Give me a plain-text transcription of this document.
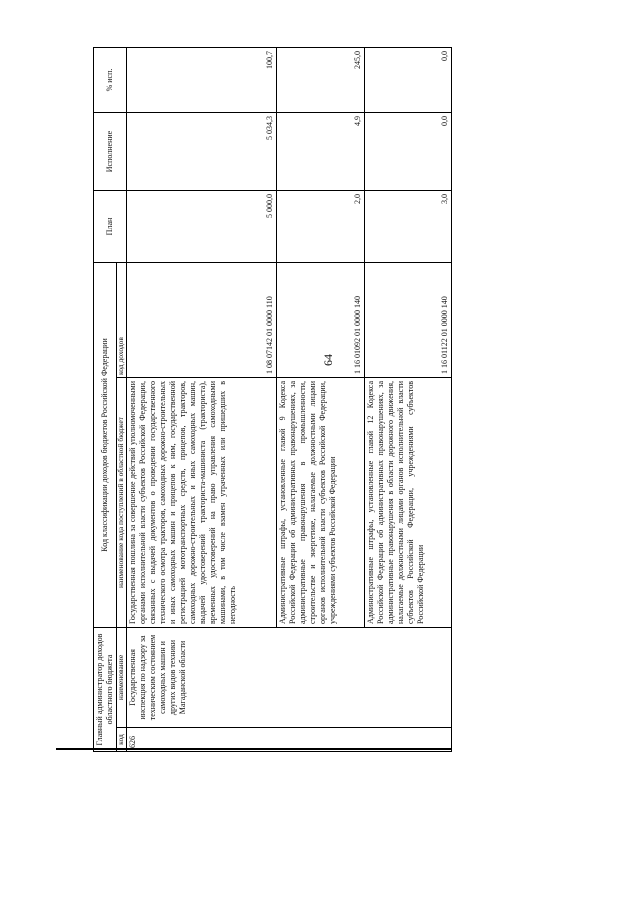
64
Главный администратор доходов областного бюджета		Код классификации доходов бюджетов Российской Федерации		План	Исполнение	% исп.
код	наименование	наименование кода поступлений в областной бюджет	код доходов			
626	Государственная инспекция по надзору за техническим состоянием самоходных машин и других видов техники Магаданской области	Государственная пошлина за совершение действий уполномоченными органами исполнительной власти субъектов Российской Федерации, связанных с выдачей документов о проведении государственного технического осмотра тракторов, самоходных дорожно-строительных и иных самоходных машин и прицепов к ним, государственной регистрацией мототранспортных средств, прицепов, тракторов, самоходных дорожно-строительных и иных самоходных машин, выдачей удостоверений тракториста-машиниста (тракториста), временных удостоверений на право управления самоходными машинами, в том числе взамен утраченных или пришедших в негодность	1 08 07142 01 0000 110	5 000,0	5 034,3	100,7
		Административные штрафы, установленные главой 9 Кодекса Российской Федерации об административных правонарушениях, за административные правонарушения в промышленности, строительстве и энергетике, налагаемые должностными лицами органов исполнительной власти субъектов Российской Федерации, учреждениями субъектов Российской Федерации	1 16 01092 01 0000 140	2,0	4,9	245,0
		Административные штрафы, установленные главой 12 Кодекса Российской Федерации об административных правонарушениях, за административные правонарушения в области дорожного движения, налагаемые должностными лицами органов исполнительной власти субъектов Российской Федерации, учреждениями субъектов Российской Федерации	1 16 01122 01 0000 140	3,0	0,0	0,0
